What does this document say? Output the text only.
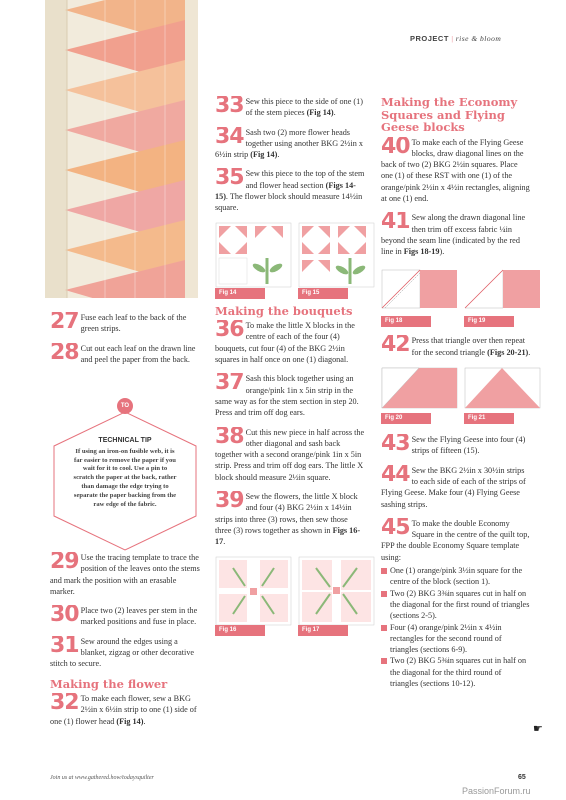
PROJECT | rise & bloom
27 Fuse each leaf to the back of the green strips.
28 Cut out each leaf on the drawn line and peel the paper from the back.
TO
TECHNICAL TIP
If using an iron-on fusible web, it is far easier to remove the paper if you wait for it to cool. Use a pin to scratch the paper at the back, rather than damage the edge trying to separate the paper backing from the raw edge of the fabric.
29 Use the tracing template to trace the position of the leaves onto the stems and mark the position with an erasable marker.
30 Place two (2) leaves per stem in the marked positions and fuse in place.
31 Sew around the edges using a blanket, zigzag or other decorative stitch to secure.
Making the flower
32 To make each flower, sew a BKG 2½in x 6½in strip to one (1) side of one (1) flower head (Fig 14).
33 Sew this piece to the side of one (1) of the stem pieces (Fig 14).
34 Sash two (2) more flower heads together using another BKG 2½in x 6½in strip (Fig 14).
35 Sew this piece to the top of the stem and flower head section (Figs 14-15). The flower block should measure 14½in square.
Fig 14	Fig 15
Making the bouquets
36 To make the little X blocks in the centre of each of the four (4) bouquets, cut four (4) of the BKG 2½in squares in half once on one (1) diagonal.
37 Sash this block together using an orange/pink 1in x 5in strip in the same way as for the stem section in step 20. Press and trim off dog ears.
38 Cut this new piece in half across the other diagonal and sash back together with a second orange/pink 1in x 5in strip. Press and trim off dog ears. The little X block should measure 2½in square.
39 Sew the flowers, the little X block and four (4) BKG 2½in x 14½in strips into three (3) rows, then sew those three (3) rows together as shown in Figs 16-17.
Fig 16	Fig 17
Making the Economy Squares and Flying Geese blocks
40 To make each of the Flying Geese blocks, draw diagonal lines on the back of two (2) BKG 2½in squares. Place one (1) of these RST with one (1) of the orange/pink 2½in x 4½in rectangles, aligning at one (1) end.
41 Sew along the drawn diagonal line then trim off excess fabric ¼in beyond the seam line (indicated by the red line in Figs 18-19).
Fig 18	Fig 19
42 Press that triangle over then repeat for the second triangle (Figs 20-21).
Fig 20	Fig 21
43 Sew the Flying Geese into four (4) strips of fifteen (15).
44 Sew the BKG 2½in x 30½in strips to each side of each of the strips of Flying Geese. Make four (4) Flying Geese sashing strips.
45 To make the double Economy Square in the centre of the quilt top, FPP the double Economy Square template using:
One (1) orange/pink 3½in square for the centre of the block (section 1).
Two (2) BKG 3⅜in squares cut in half on the diagonal for the first round of triangles (sections 2-5).
Four (4) orange/pink 2½in x 4½in rectangles for the second round of triangles (sections 6-9).
Two (2) BKG 5⅜in squares cut in half on the diagonal for the third round of triangles (sections 10-12).
☛
Join us at www.gathered.how/todaysquilter	65
PassionForum.ru
